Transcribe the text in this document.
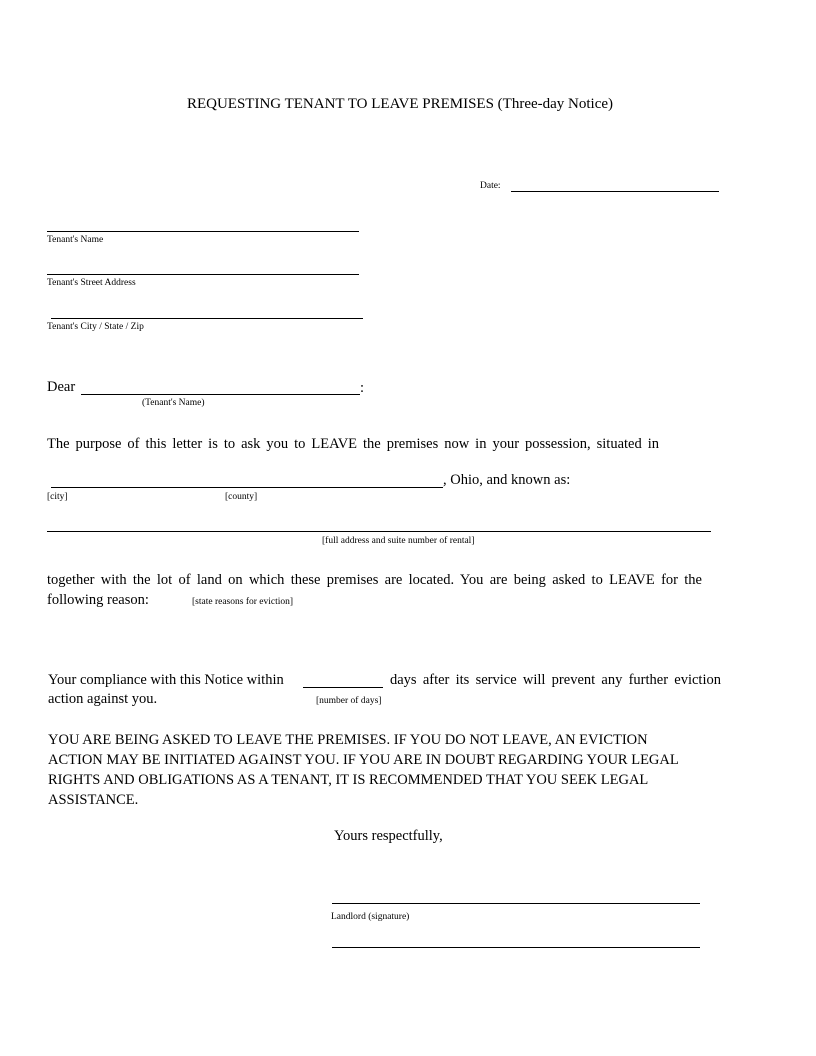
REQUESTING TENANT TO LEAVE PREMISES (Three-day Notice)
Date:
Tenant's Name
Tenant's Street Address
Tenant's City / State / Zip
Dear	:
(Tenant's Name)
The purpose of this letter is to ask you to LEAVE the premises now in your possession, situated in
, Ohio, and known as:
[city]	[county]
[full address and suite number of rental]
together with the lot of land on which these premises are located. You are being asked to LEAVE for the
following reason:	[state reasons for eviction]
Your compliance with this Notice within	days after its service will prevent any further eviction
action against you.	[number of days]
YOU ARE BEING ASKED TO LEAVE THE PREMISES. IF YOU DO NOT LEAVE, AN EVICTION
ACTION MAY BE INITIATED AGAINST YOU. IF YOU ARE IN DOUBT REGARDING YOUR LEGAL
RIGHTS AND OBLIGATIONS AS A TENANT, IT IS RECOMMENDED THAT YOU SEEK LEGAL
ASSISTANCE.
Yours respectfully,
Landlord (signature)
